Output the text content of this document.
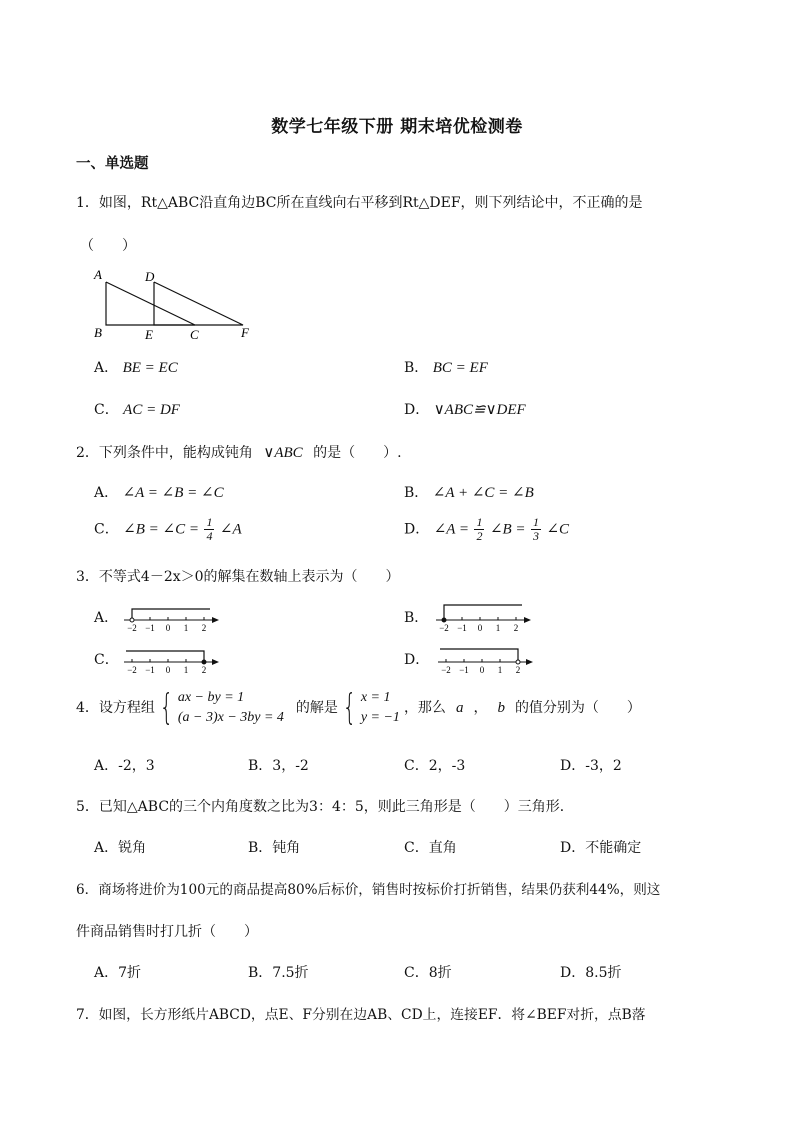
数学七年级下册 期末培优检测卷
一、单选题
1．如图，Rt△ABC沿直角边BC所在直线向右平移到Rt△DEF，则下列结论中，不正确的是
（　　）
A	D
B	E	C	F
A． BE = EC	B． BC = EF
C． AC = DF	D． ∨ABC≌∨DEF
2．下列条件中，能构成钝角 ∨ABC 的是（　　）.
A． ∠A = ∠B = ∠C	B． ∠A + ∠C = ∠B
C． ∠B = ∠C = $\frac{1}{4}$ ∠A	D． ∠A = $\frac{1}{2}$ ∠B = $\frac{1}{3}$ ∠C
3．不等式4－2x＞0的解集在数轴上表示为（　　）
A．
−2 −1 0 1 2
B．
−2 −1 0 1 2
C．
−2 −1 0 1 2
D．
−2 −1 0 1 2
4．设方程组 { ax − by = 1
(a − 3)x − 3by = 4
的解是 { x = 1
y = −1
，那么 a ， b 的值分别为（　　）
A．-2，3	B．3，-2	C．2，-3	D．-3，2
5．已知△ABC的三个内角度数之比为3：4：5，则此三角形是（　　）三角形．
A．锐角	B．钝角	C．直角	D．不能确定
6．商场将进价为100元的商品提高80%后标价，销售时按标价打折销售，结果仍获利44%，则这
件商品销售时打几折（　　）
A．7折	B．7.5折	C．8折	D．8.5折
7．如图，长方形纸片ABCD，点E、F分别在边AB、CD上，连接EF．将∠BEF对折，点B落
